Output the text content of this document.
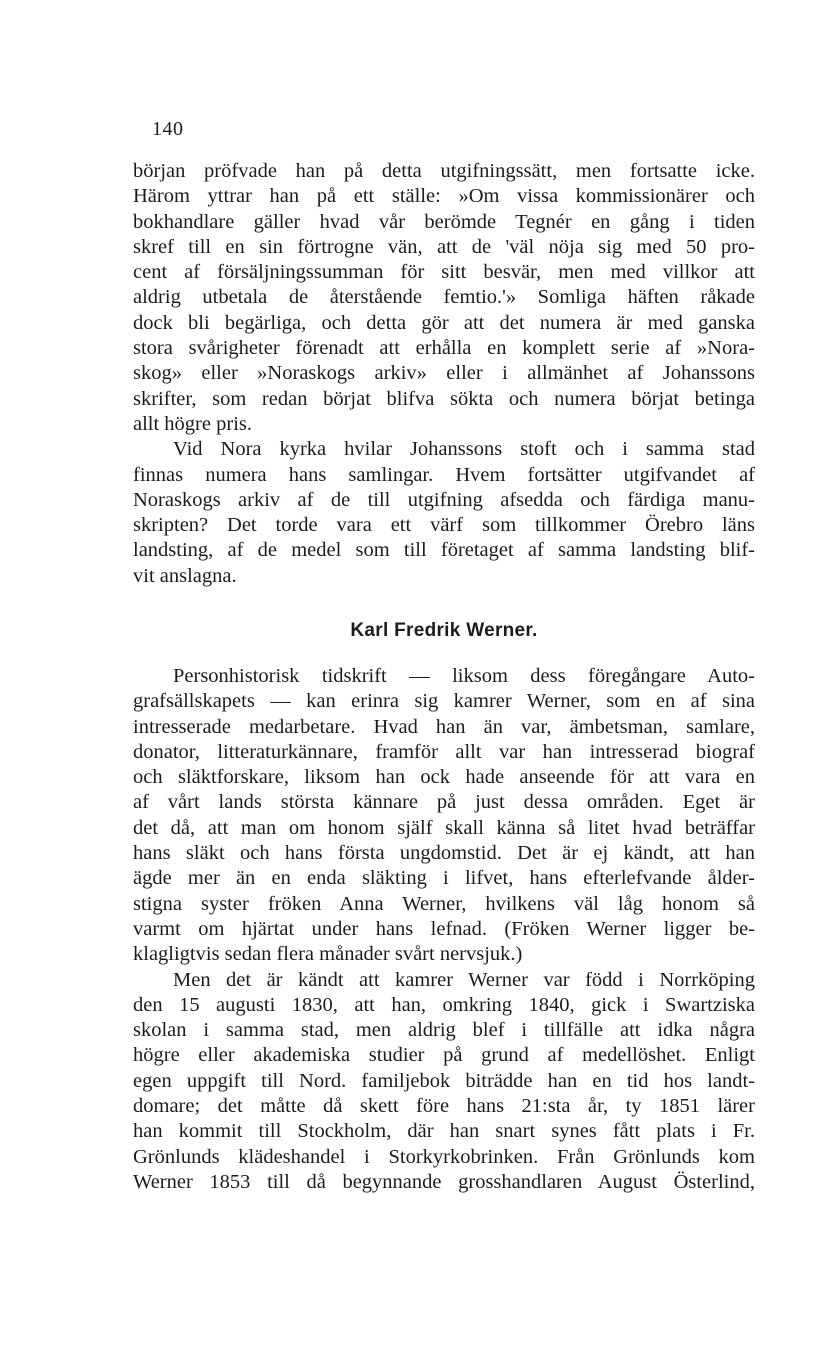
140
början pröfvade han på detta utgifningssätt, men fortsatte icke.
Härom yttrar han på ett ställe: »Om vissa kommissionärer och
bokhandlare gäller hvad vår berömde Tegnér en gång i tiden
skref till en sin förtrogne vän, att de 'väl nöja sig med 50 pro-
cent af försäljningssumman för sitt besvär, men med villkor att
aldrig utbetala de återstående femtio.'» Somliga häften råkade
dock bli begärliga, och detta gör att det numera är med ganska
stora svårigheter förenadt att erhålla en komplett serie af »Nora-
skog» eller »Noraskogs arkiv» eller i allmänhet af Johanssons
skrifter, som redan börjat blifva sökta och numera börjat betinga
allt högre pris.
Vid Nora kyrka hvilar Johanssons stoft och i samma stad
finnas numera hans samlingar. Hvem fortsätter utgifvandet af
Noraskogs arkiv af de till utgifning afsedda och färdiga manu-
skripten? Det torde vara ett värf som tillkommer Örebro läns
landsting, af de medel som till företaget af samma landsting blif-
vit anslagna.
Karl Fredrik Werner.
Personhistorisk tidskrift — liksom dess föregångare Auto-
grafsällskapets — kan erinra sig kamrer Werner, som en af sina
intresserade medarbetare. Hvad han än var, ämbetsman, samlare,
donator, litteraturkännare, framför allt var han intresserad biograf
och släktforskare, liksom han ock hade anseende för att vara en
af vårt lands största kännare på just dessa områden. Eget är
det då, att man om honom själf skall känna så litet hvad beträffar
hans släkt och hans första ungdomstid. Det är ej kändt, att han
ägde mer än en enda släkting i lifvet, hans efterlefvande ålder-
stigna syster fröken Anna Werner, hvilkens väl låg honom så
varmt om hjärtat under hans lefnad. (Fröken Werner ligger be-
klagligtvis sedan flera månader svårt nervsjuk.)
Men det är kändt att kamrer Werner var född i Norrköping
den 15 augusti 1830, att han, omkring 1840, gick i Swartziska
skolan i samma stad, men aldrig blef i tillfälle att idka några
högre eller akademiska studier på grund af medellöshet. Enligt
egen uppgift till Nord. familjebok biträdde han en tid hos landt-
domare; det måtte då skett före hans 21:sta år, ty 1851 lärer
han kommit till Stockholm, där han snart synes fått plats i Fr.
Grönlunds klädeshandel i Storkyrkobrinken. Från Grönlunds kom
Werner 1853 till då begynnande grosshandlaren August Österlind,
